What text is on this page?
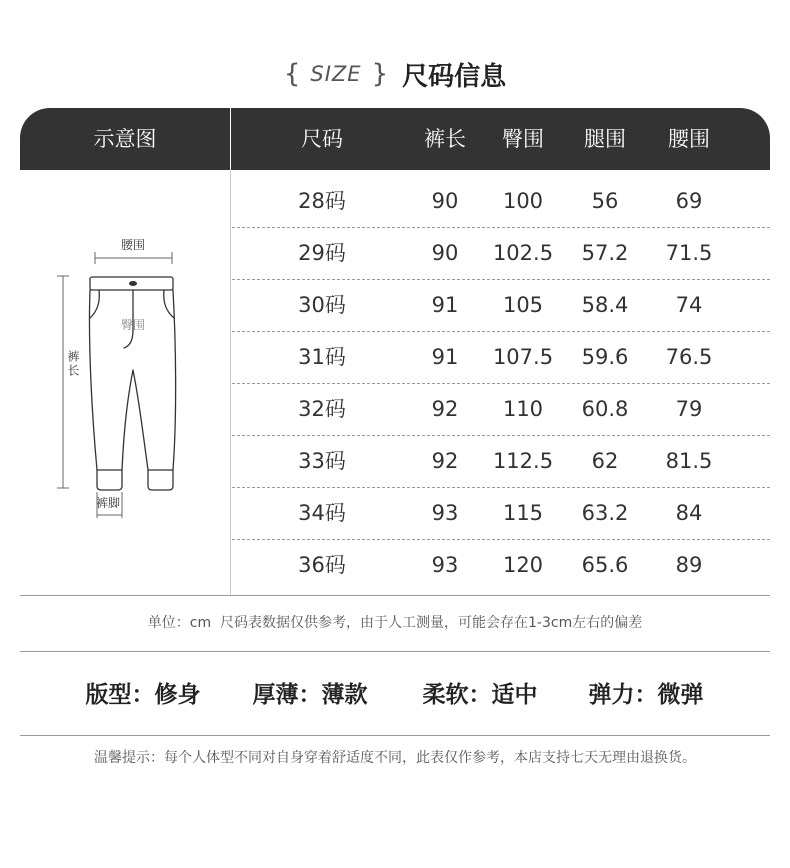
{ SIZE } 尺码信息
示意图	尺码	裤长	臀围	腿围	腰围
腰围
臀围
裤长
裤脚
28码	90	100	56	69
29码	90	102.5	57.2	71.5
30码	91	105	58.4	74
31码	91	107.5	59.6	76.5
32码	92	110	60.8	79
33码	92	112.5	62	81.5
34码	93	115	63.2	84
36码	93	120	65.6	89
单位：cm  尺码表数据仅供参考，由于人工测量，可能会存在1-3cm左右的偏差
版型：修身	厚薄：薄款	柔软：适中	弹力：微弹
温馨提示：每个人体型不同对自身穿着舒适度不同，此表仅作参考，本店支持七天无理由退换货。
